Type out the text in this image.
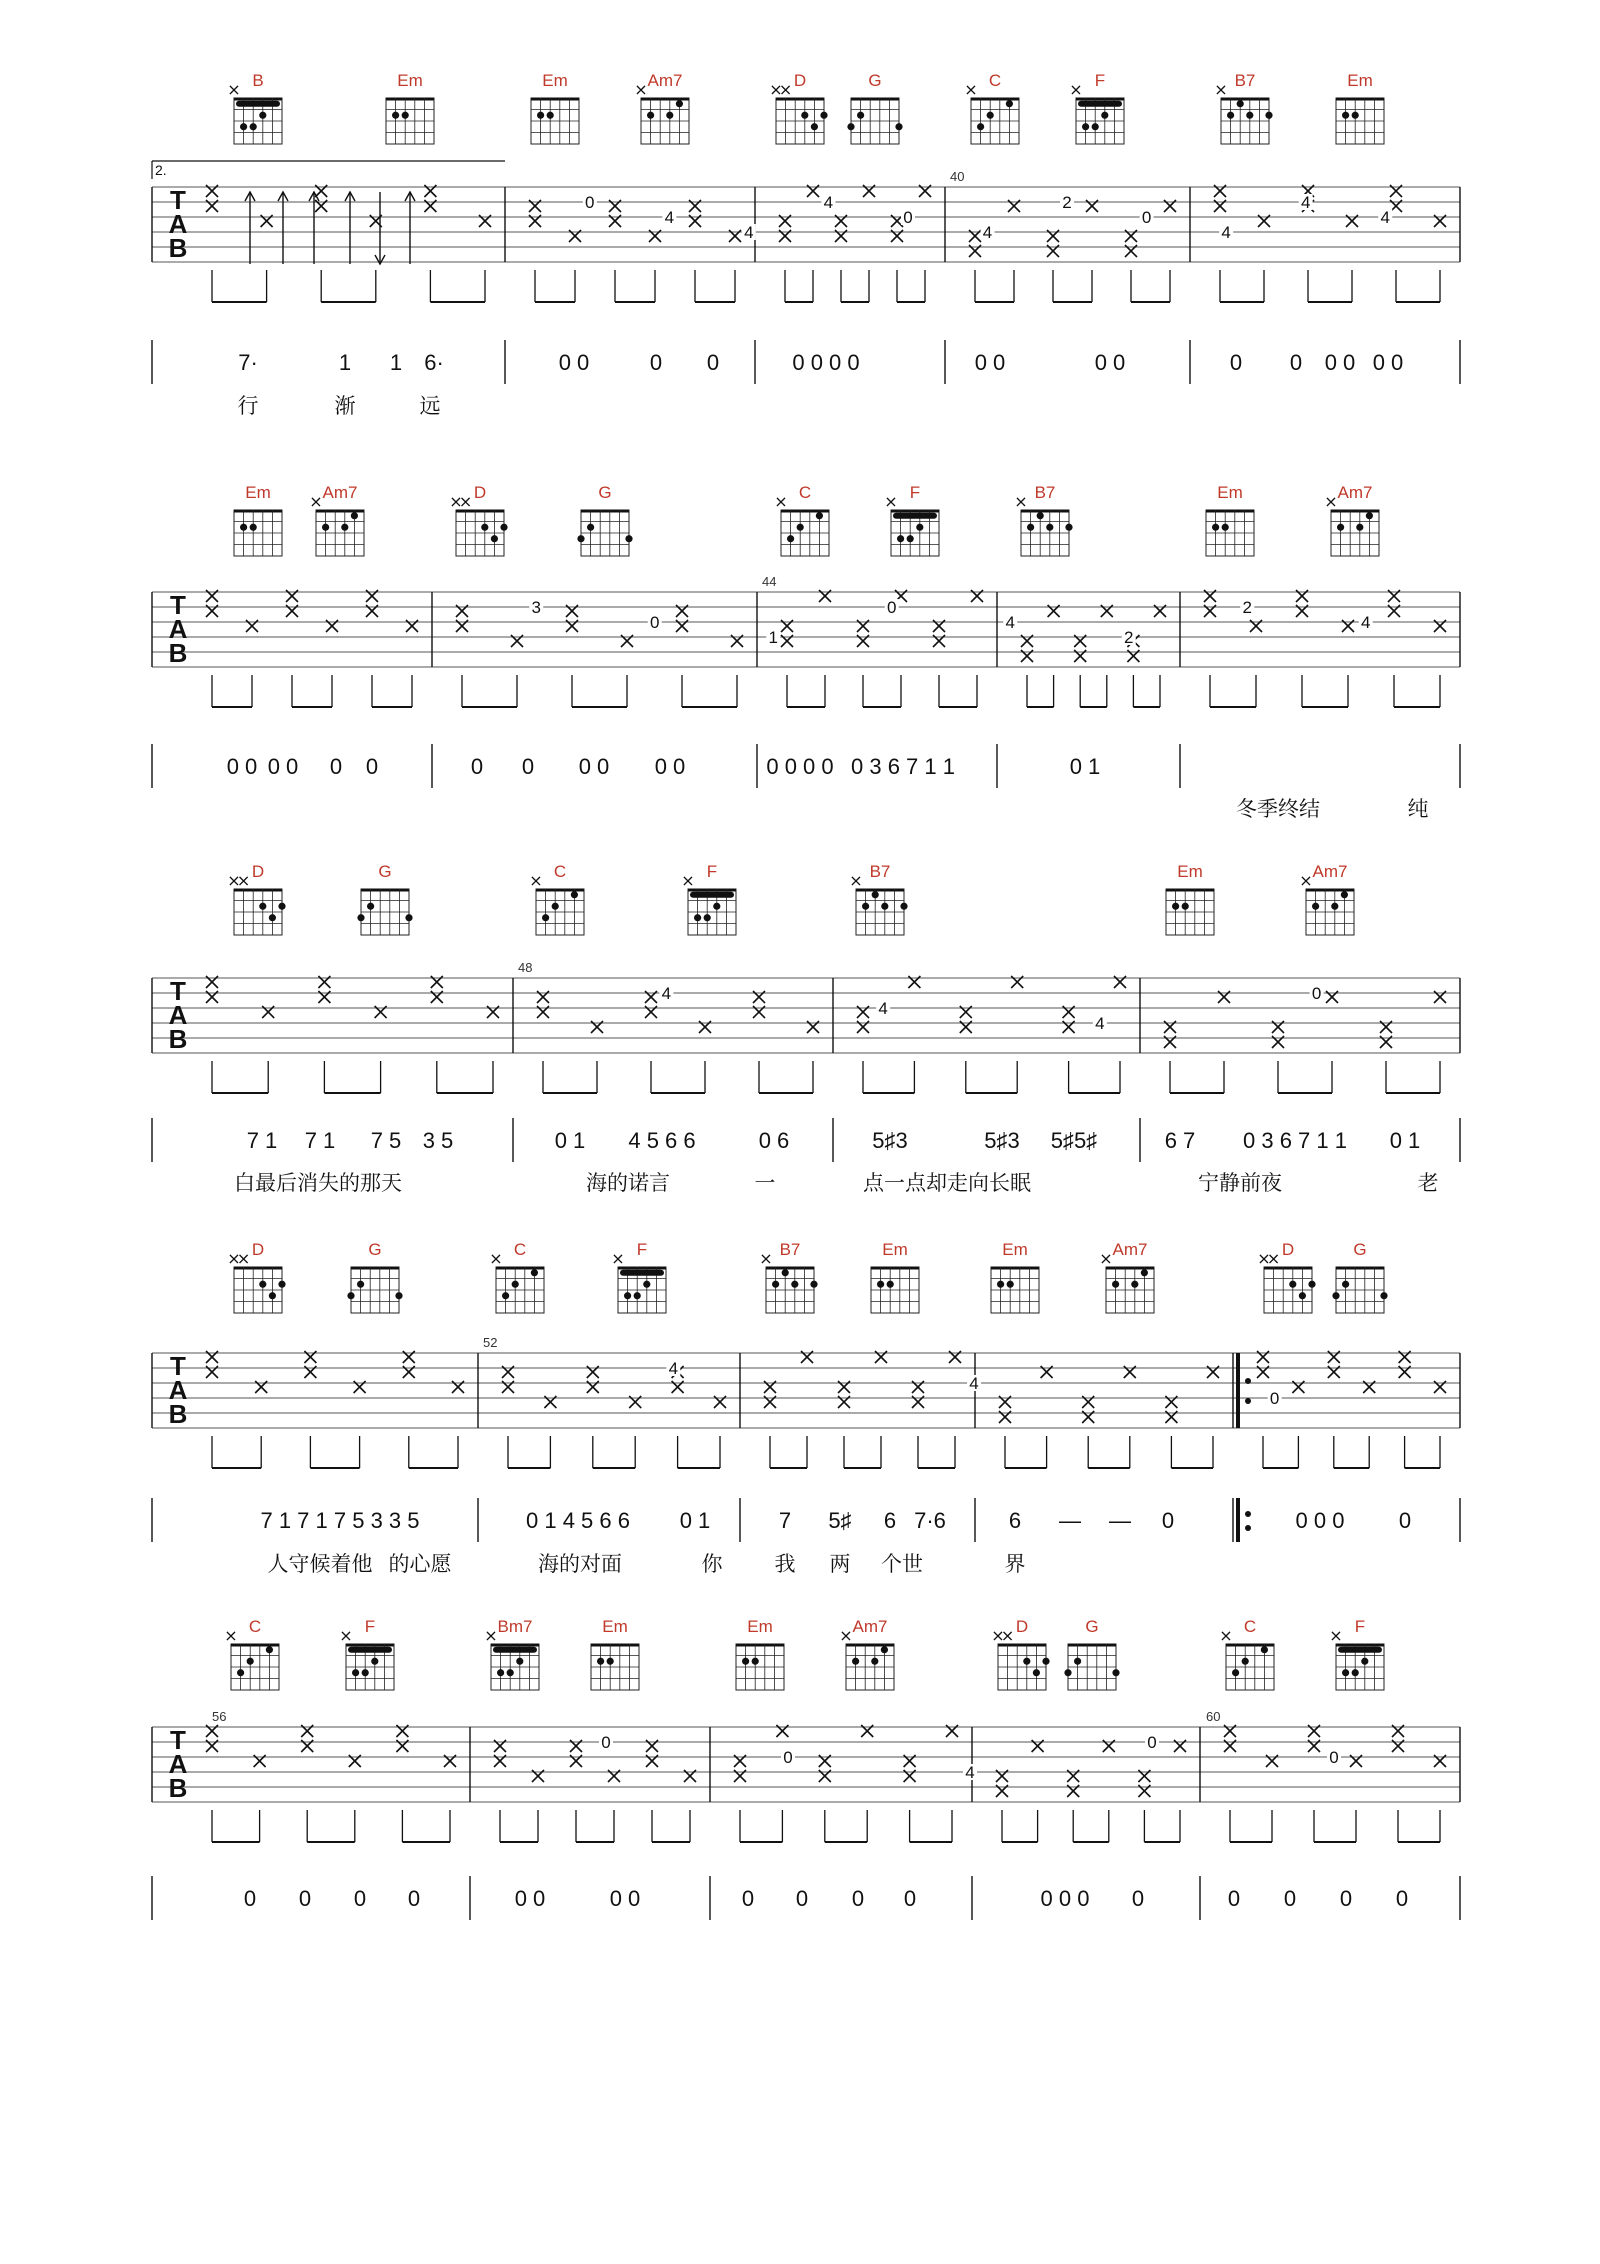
B
×	Em	Em	Am7
×	D
×
×	G	C
×	F
×	B7
×	Em
T
A
B
40
0
4
4
4
0
4
2
0
4
4
4
2.
7·	1 1 6·	0 0	0 0	0 0 0 0	0 0	0 0	0 0 0 0 0 0
行	渐	远
Em	Am7
×	D
×
×	G	C
×	F
×	B7
×	Em	Am7
×
T
A
B
44
3
0
1
0
4
2
2
4
0 0 0 0 0 0	0 0 0 0 0 0	0 0 0 0 0 3 6 7 1 1	0 1
冬季终结	纯
D
×
×	G	C
×	F
×	B7
×	Em	Am7
×
T
A
B
48
4
4
4
0
7 1 7 1 7 5 3 5	0 1 4 5 6 6	0 6	5♯3	5♯3 5♯5♯	6 7 0 3 6 7 1 1 0 1
白最后消失的那天	海的诺言	一	点一点却走向长眠	宁静前夜	老
D
×
×	G	C
×	F
×	B7
×	Em	Em	Am7
×	D
×
×	G
T
A
B
52
4
4
0
7 1 7 1 7 5 3 3 5	0 1 4 5 6 6 0 1	7 5♯ 6 7·6	6 — — 0	0 0 0 0
人守候着他 的心愿	海的对面	你 我 两 个世	界
C
×	F
×	Bm7
×	Em	Em	Am7
×	D
×
×	G	C
×	F
×
T
A
B
56	60
0
0
4
0
0
0 0 0 0	0 0	0 0	0 0 0 0	0 0 0 0	0 0 0 0
